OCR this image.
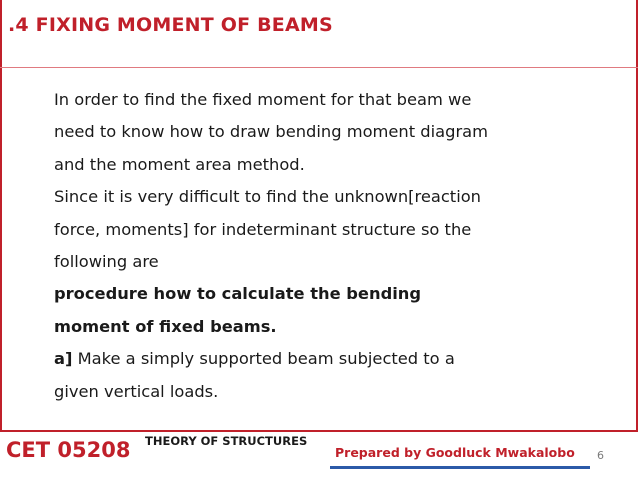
.4 FIXING MOMENT OF BEAMS
In order to find the fixed moment for that beam we
need to know how to draw bending moment diagram
and the moment area method.
Since it is very difficult to find the unknown[reaction
force, moments] for indeterminant structure so the
following are
procedure how to calculate the bending
moment of fixed beams.
a] Make a simply supported beam subjected to a
given vertical loads.
CET 05208 THEORY OF STRUCTURES
Prepared by Goodluck Mwakalobo 6
